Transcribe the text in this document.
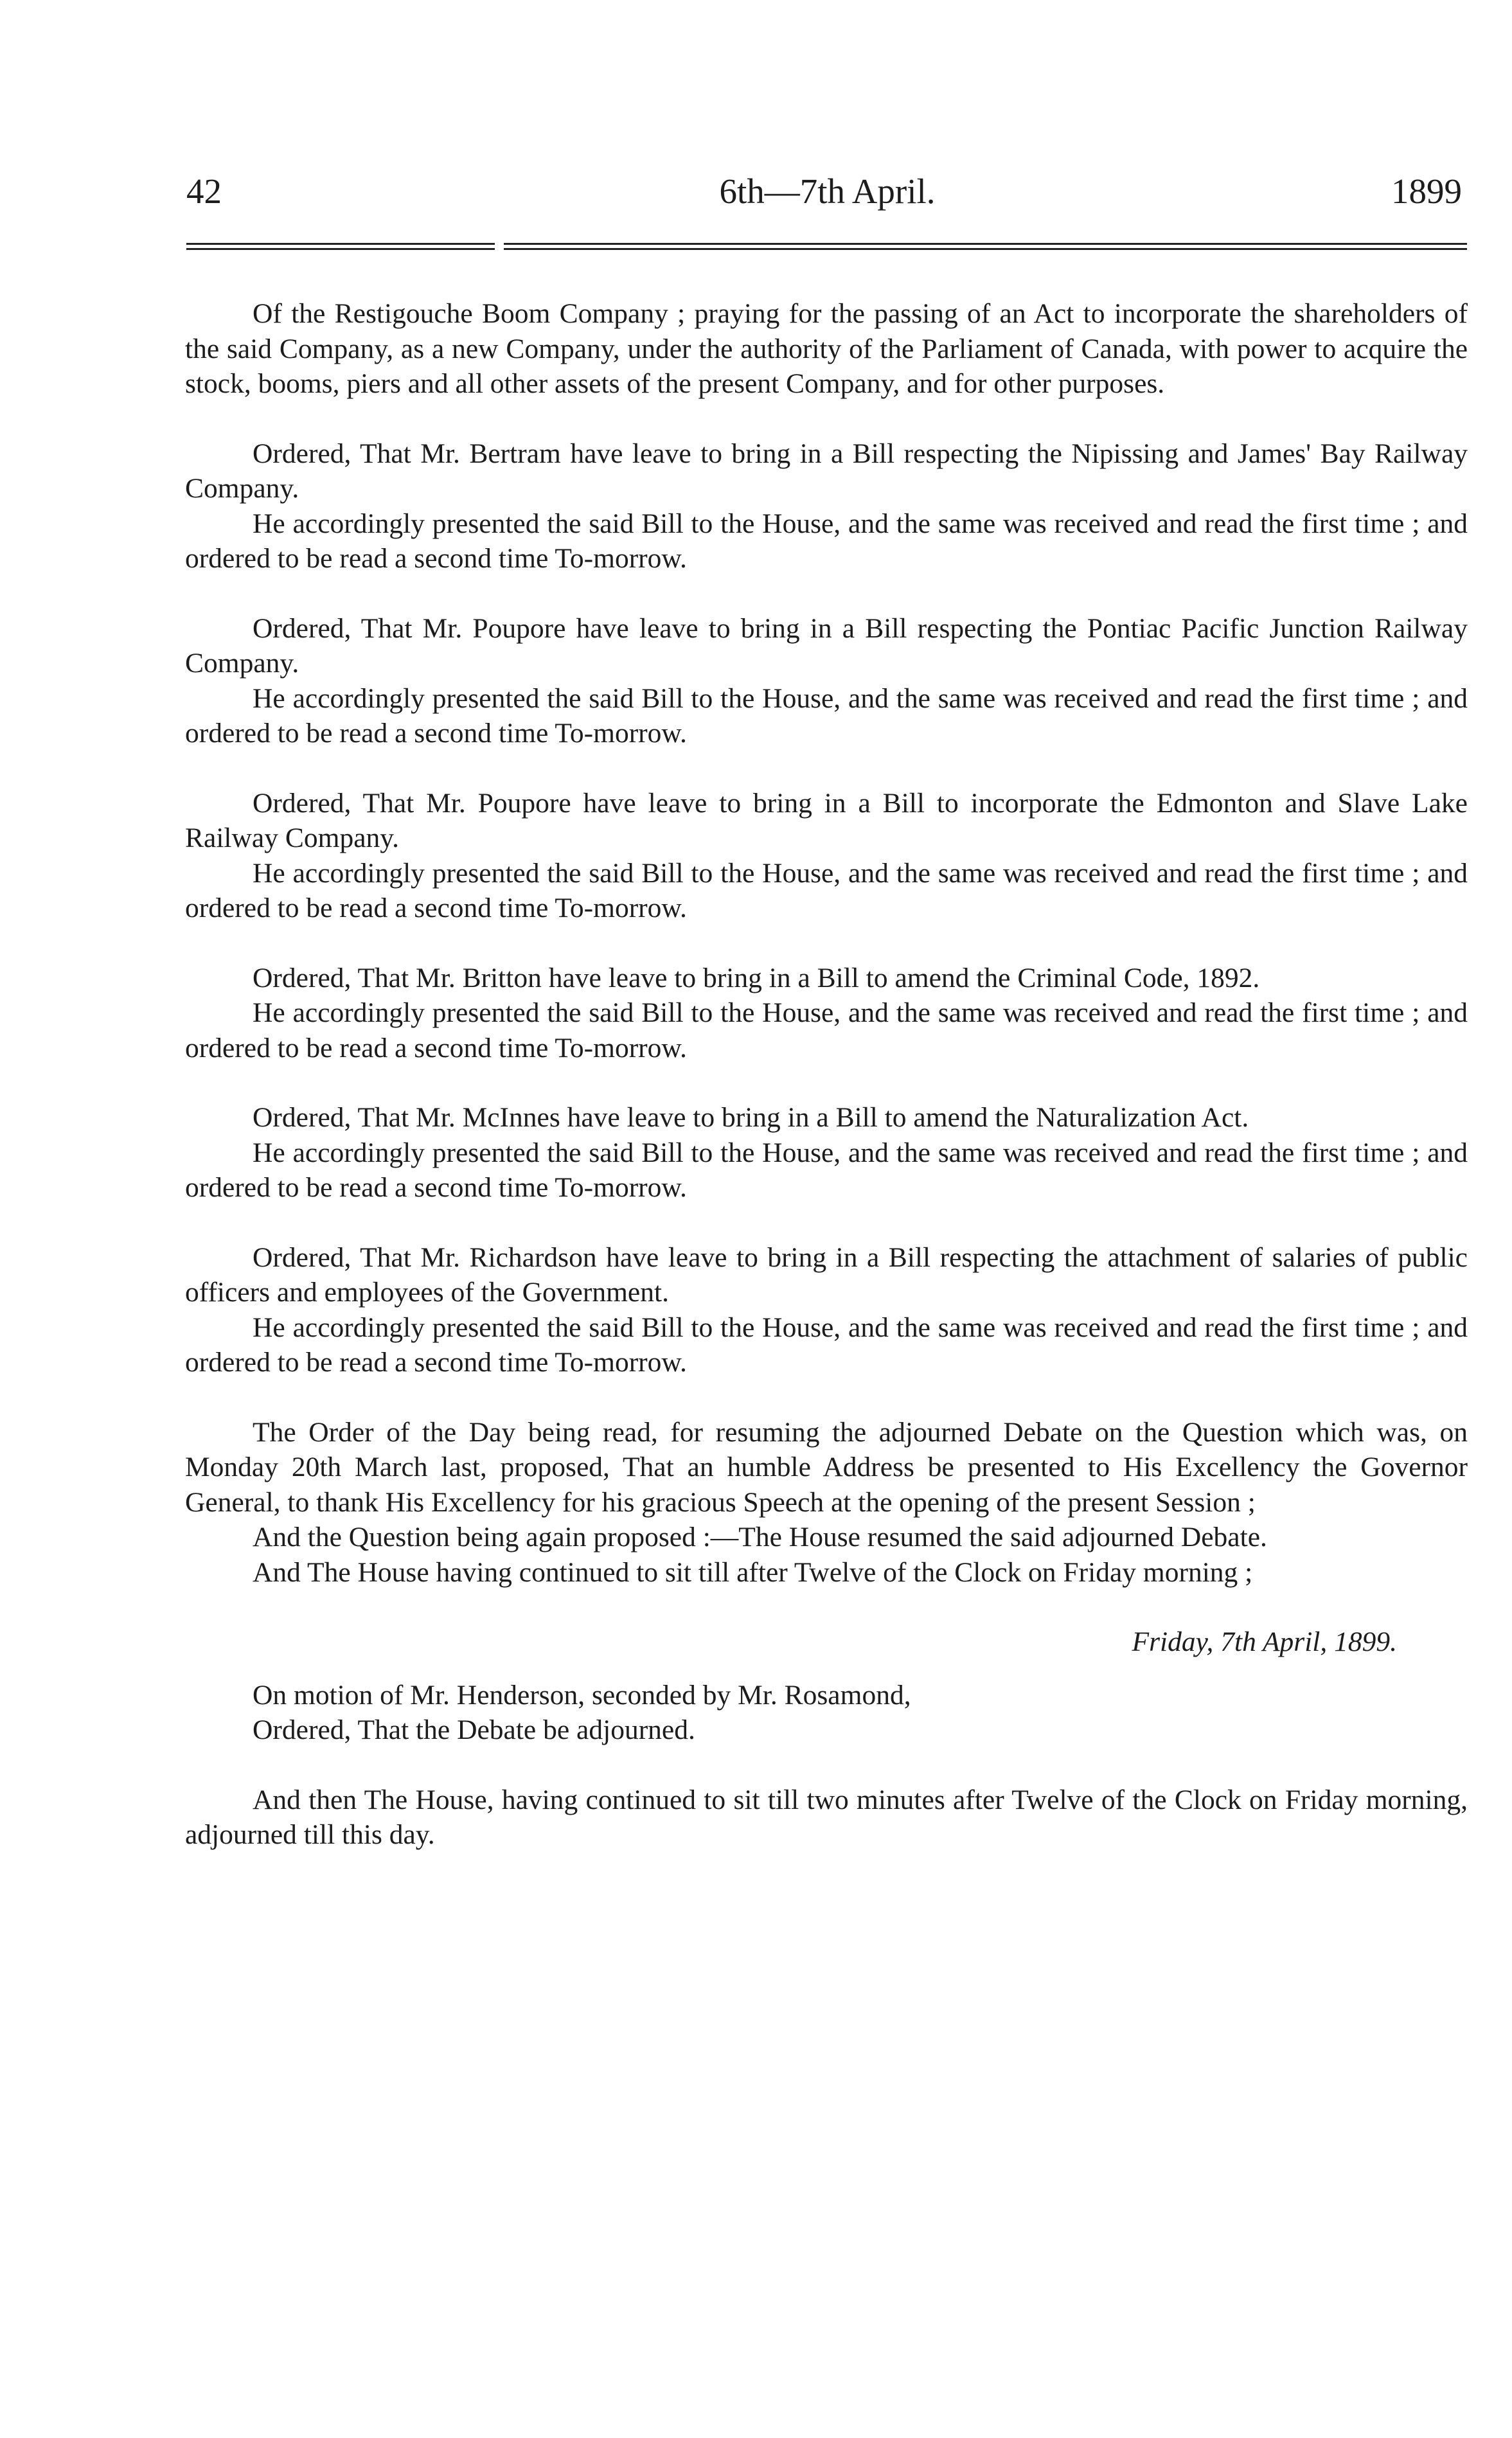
6th—7th April.
42	1899

Of the Restigouche Boom Company ; praying for the passing of an Act to incorporate the shareholders of the said Company, as a new Company, under the authority of the Parliament of Canada, with power to acquire the stock, booms, piers and all other assets of the present Company, and for other purposes.

Ordered, That Mr. Bertram have leave to bring in a Bill respecting the Nipissing and James' Bay Railway Company.

He accordingly presented the said Bill to the House, and the same was received and read the first time ; and ordered to be read a second time To-morrow.

Ordered, That Mr. Poupore have leave to bring in a Bill respecting the Pontiac Pacific Junction Railway Company.

He accordingly presented the said Bill to the House, and the same was received and read the first time ; and ordered to be read a second time To-morrow.

Ordered, That Mr. Poupore have leave to bring in a Bill to incorporate the Edmonton and Slave Lake Railway Company.

He accordingly presented the said Bill to the House, and the same was received and read the first time ; and ordered to be read a second time To-morrow.

Ordered, That Mr. Britton have leave to bring in a Bill to amend the Criminal Code, 1892.

He accordingly presented the said Bill to the House, and the same was received and read the first time ; and ordered to be read a second time To-morrow.

Ordered, That Mr. McInnes have leave to bring in a Bill to amend the Naturalization Act.

He accordingly presented the said Bill to the House, and the same was received and read the first time ; and ordered to be read a second time To-morrow.

Ordered, That Mr. Richardson have leave to bring in a Bill respecting the attachment of salaries of public officers and employees of the Government.

He accordingly presented the said Bill to the House, and the same was received and read the first time ; and ordered to be read a second time To-morrow.

The Order of the Day being read, for resuming the adjourned Debate on the Question which was, on Monday 20th March last, proposed, That an humble Address be presented to His Excellency the Governor General, to thank His Excellency for his gracious Speech at the opening of the present Session ;

And the Question being again proposed :—The House resumed the said adjourned Debate.

And The House having continued to sit till after Twelve of the Clock on Friday morning ;

Friday, 7th April, 1899.

On motion of Mr. Henderson, seconded by Mr. Rosamond,

Ordered, That the Debate be adjourned.

And then The House, having continued to sit till two minutes after Twelve of the Clock on Friday morning, adjourned till this day.
